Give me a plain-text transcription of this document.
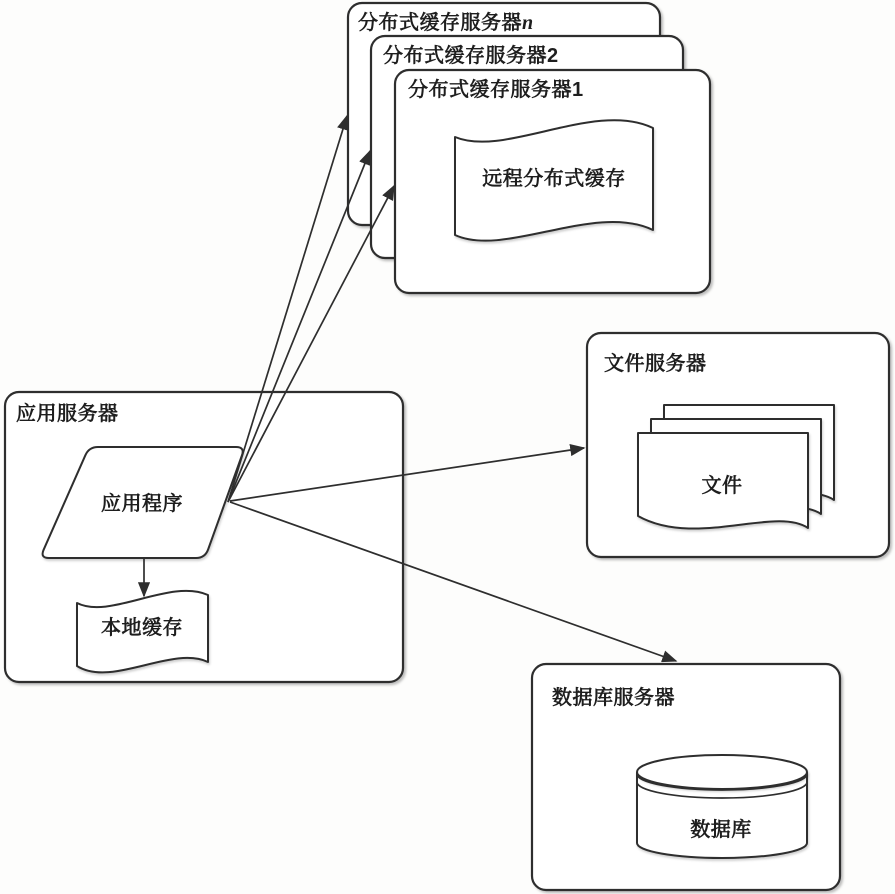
分布式缓存服务器n
分布式缓存服务器2
分布式缓存服务器1
远程分布式缓存
应用服务器
应用程序
本地缓存
文件服务器
文件
数据库服务器
数据库
